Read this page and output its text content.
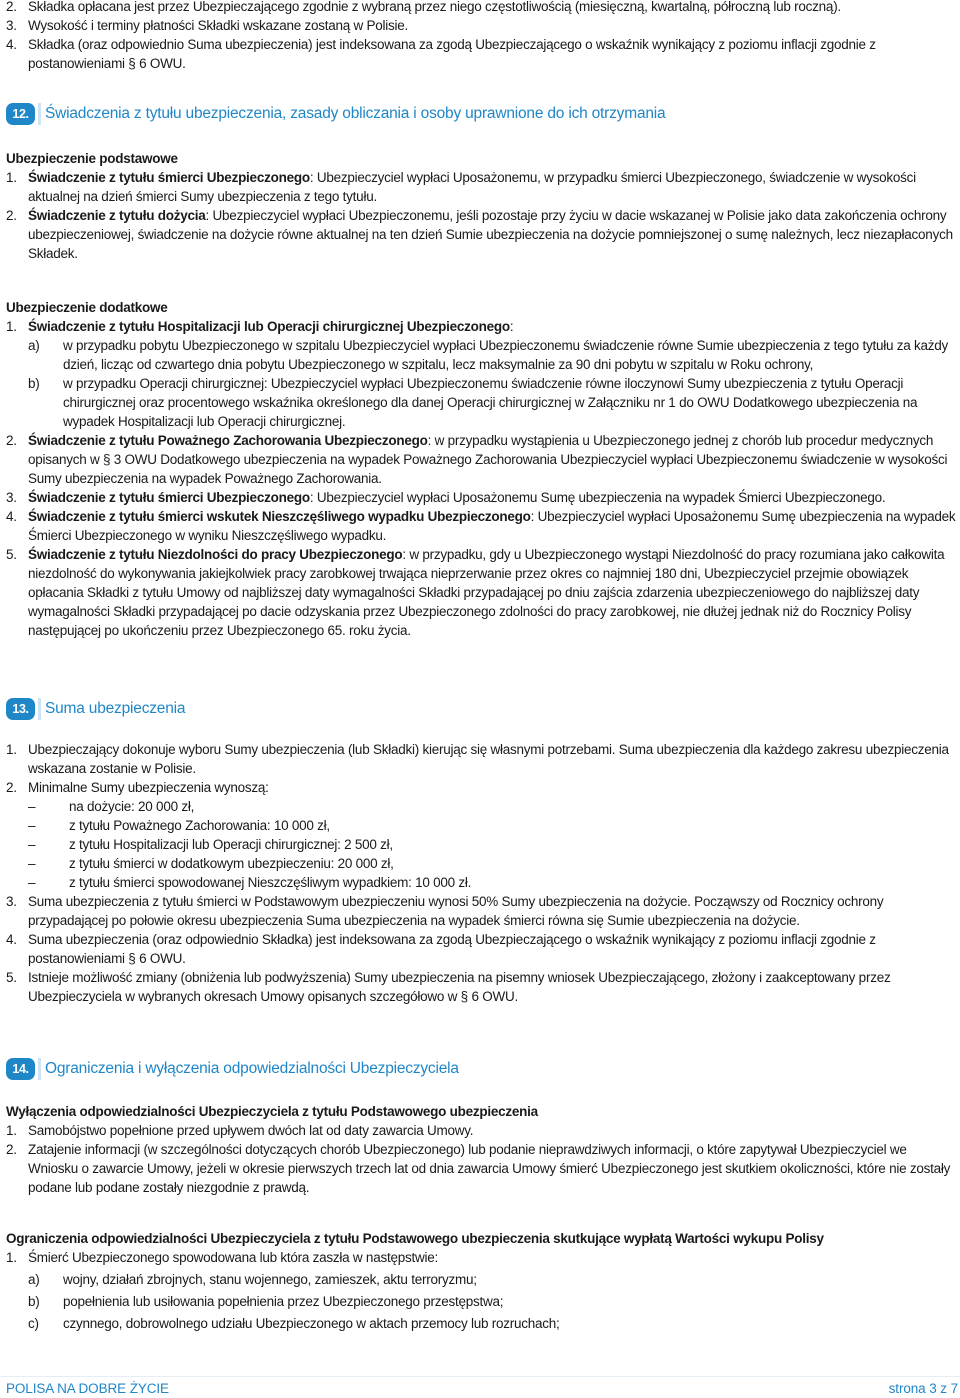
2. Składka opłacana jest przez Ubezpieczającego zgodnie z wybraną przez niego częstotliwością (miesięczną, kwartalną, półroczną lub roczną).

3. Wysokość i terminy płatności Składki wskazane zostaną w Polisie.

4. Składka (oraz odpowiednio Suma ubezpieczenia) jest indeksowana za zgodą Ubezpieczającego o wskaźnik wynikający z poziomu inflacji zgodnie z postanowieniami § 6 OWU.

12.	Świadczenia z tytułu ubezpieczenia, zasady obliczania i osoby uprawnione do ich otrzymania

Ubezpieczenie podstawowe

1. Świadczenie z tytułu śmierci Ubezpieczonego: Ubezpieczyciel wypłaci Uposażonemu, w przypadku śmierci Ubezpieczonego, świadczenie w wysokości aktualnej na dzień śmierci Sumy ubezpieczenia z tego tytułu.

2. Świadczenie z tytułu dożycia: Ubezpieczyciel wypłaci Ubezpieczonemu, jeśli pozostaje przy życiu w dacie wskazanej w Polisie jako data zakończenia ochrony ubezpieczeniowej, świadczenie na dożycie równe aktualnej na ten dzień Sumie ubezpieczenia na dożycie pomniejszonej o sumę należnych, lecz niezapłaconych Składek.

Ubezpieczenie dodatkowe

1. Świadczenie z tytułu Hospitalizacji lub Operacji chirurgicznej Ubezpieczonego:

a) w przypadku pobytu Ubezpieczonego w szpitalu Ubezpieczyciel wypłaci Ubezpieczonemu świadczenie równe Sumie ubezpieczenia z tego tytułu za każdy dzień, licząc od czwartego dnia pobytu Ubezpieczonego w szpitalu, lecz maksymalnie za 90 dni pobytu w szpitalu w Roku ochrony,

b) w przypadku Operacji chirurgicznej: Ubezpieczyciel wypłaci Ubezpieczonemu świadczenie równe iloczynowi Sumy ubezpieczenia z tytułu Operacji chirurgicznej oraz procentowego wskaźnika określonego dla danej Operacji chirurgicznej w Załączniku nr 1 do OWU Dodatkowego ubezpieczenia na wypadek Hospitalizacji lub Operacji chirurgicznej.

2. Świadczenie z tytułu Poważnego Zachorowania Ubezpieczonego: w przypadku wystąpienia u Ubezpieczonego jednej z chorób lub procedur medycznych opisanych w § 3 OWU Dodatkowego ubezpieczenia na wypadek Poważnego Zachorowania Ubezpieczyciel wypłaci Ubezpieczonemu świadczenie w wysokości Sumy ubezpieczenia na wypadek Poważnego Zachorowania.

3. Świadczenie z tytułu śmierci Ubezpieczonego: Ubezpieczyciel wypłaci Uposażonemu Sumę ubezpieczenia na wypadek Śmierci Ubezpieczonego.

4. Świadczenie z tytułu śmierci wskutek Nieszczęśliwego wypadku Ubezpieczonego: Ubezpieczyciel wypłaci Uposażonemu Sumę ubezpieczenia na wypadek Śmierci Ubezpieczonego w wyniku Nieszczęśliwego wypadku.

5. Świadczenie z tytułu Niezdolności do pracy Ubezpieczonego: w przypadku, gdy u Ubezpieczonego wystąpi Niezdolność do pracy rozumiana jako całkowita niezdolność do wykonywania jakiejkolwiek pracy zarobkowej trwająca nieprzerwanie przez okres co najmniej 180 dni, Ubezpieczyciel przejmie obowiązek opłacania Składki z tytułu Umowy od najbliższej daty wymagalności Składki przypadającej po dniu zajścia zdarzenia ubezpieczeniowego do najbliższej daty wymagalności Składki przypadającej po dacie odzyskania przez Ubezpieczonego zdolności do pracy zarobkowej, nie dłużej jednak niż do Rocznicy Polisy następującej po ukończeniu przez Ubezpieczonego 65. roku życia.

13.	Suma ubezpieczenia

1. Ubezpieczający dokonuje wyboru Sumy ubezpieczenia (lub Składki) kierując się własnymi potrzebami. Suma ubezpieczenia dla każdego zakresu ubezpieczenia wskazana zostanie w Polisie.

2. Minimalne Sumy ubezpieczenia wynoszą:

– na dożycie: 20 000 zł,

– z tytułu Poważnego Zachorowania: 10 000 zł,

– z tytułu Hospitalizacji lub Operacji chirurgicznej: 2 500 zł,

– z tytułu śmierci w dodatkowym ubezpieczeniu: 20 000 zł,

– z tytułu śmierci spowodowanej Nieszczęśliwym wypadkiem: 10 000 zł.

3. Suma ubezpieczenia z tytułu śmierci w Podstawowym ubezpieczeniu wynosi 50% Sumy ubezpieczenia na dożycie. Począwszy od Rocznicy ochrony przypadającej po połowie okresu ubezpieczenia Suma ubezpieczenia na wypadek śmierci równa się Sumie ubezpieczenia na dożycie.

4. Suma ubezpieczenia (oraz odpowiednio Składka) jest indeksowana za zgodą Ubezpieczającego o wskaźnik wynikający z poziomu inflacji zgodnie z postanowieniami § 6 OWU.

5. Istnieje możliwość zmiany (obniżenia lub podwyższenia) Sumy ubezpieczenia na pisemny wniosek Ubezpieczającego, złożony i zaakceptowany przez Ubezpieczyciela w wybranych okresach Umowy opisanych szczegółowo w § 6 OWU.

14.	Ograniczenia i wyłączenia odpowiedzialności Ubezpieczyciela

Wyłączenia odpowiedzialności Ubezpieczyciela z tytułu Podstawowego ubezpieczenia

1. Samobójstwo popełnione przed upływem dwóch lat od daty zawarcia Umowy.

2. Zatajenie informacji (w szczególności dotyczących chorób Ubezpieczonego) lub podanie nieprawdziwych informacji, o które zapytywał Ubezpieczyciel we Wniosku o zawarcie Umowy, jeżeli w okresie pierwszych trzech lat od dnia zawarcia Umowy śmierć Ubezpieczonego jest skutkiem okoliczności, które nie zostały podane lub podane zostały niezgodnie z prawdą.

Ograniczenia odpowiedzialności Ubezpieczyciela z tytułu Podstawowego ubezpieczenia skutkujące wypłatą Wartości wykupu Polisy

1. Śmierć Ubezpieczonego spowodowana lub która zaszła w następstwie:

a) wojny, działań zbrojnych, stanu wojennego, zamieszek, aktu terroryzmu;

b) popełnienia lub usiłowania popełnienia przez Ubezpieczonego przestępstwa;

c) czynnego, dobrowolnego udziału Ubezpieczonego w aktach przemocy lub rozruchach;

POLISA NA DOBRE ŻYCIE	strona 3 z 7
